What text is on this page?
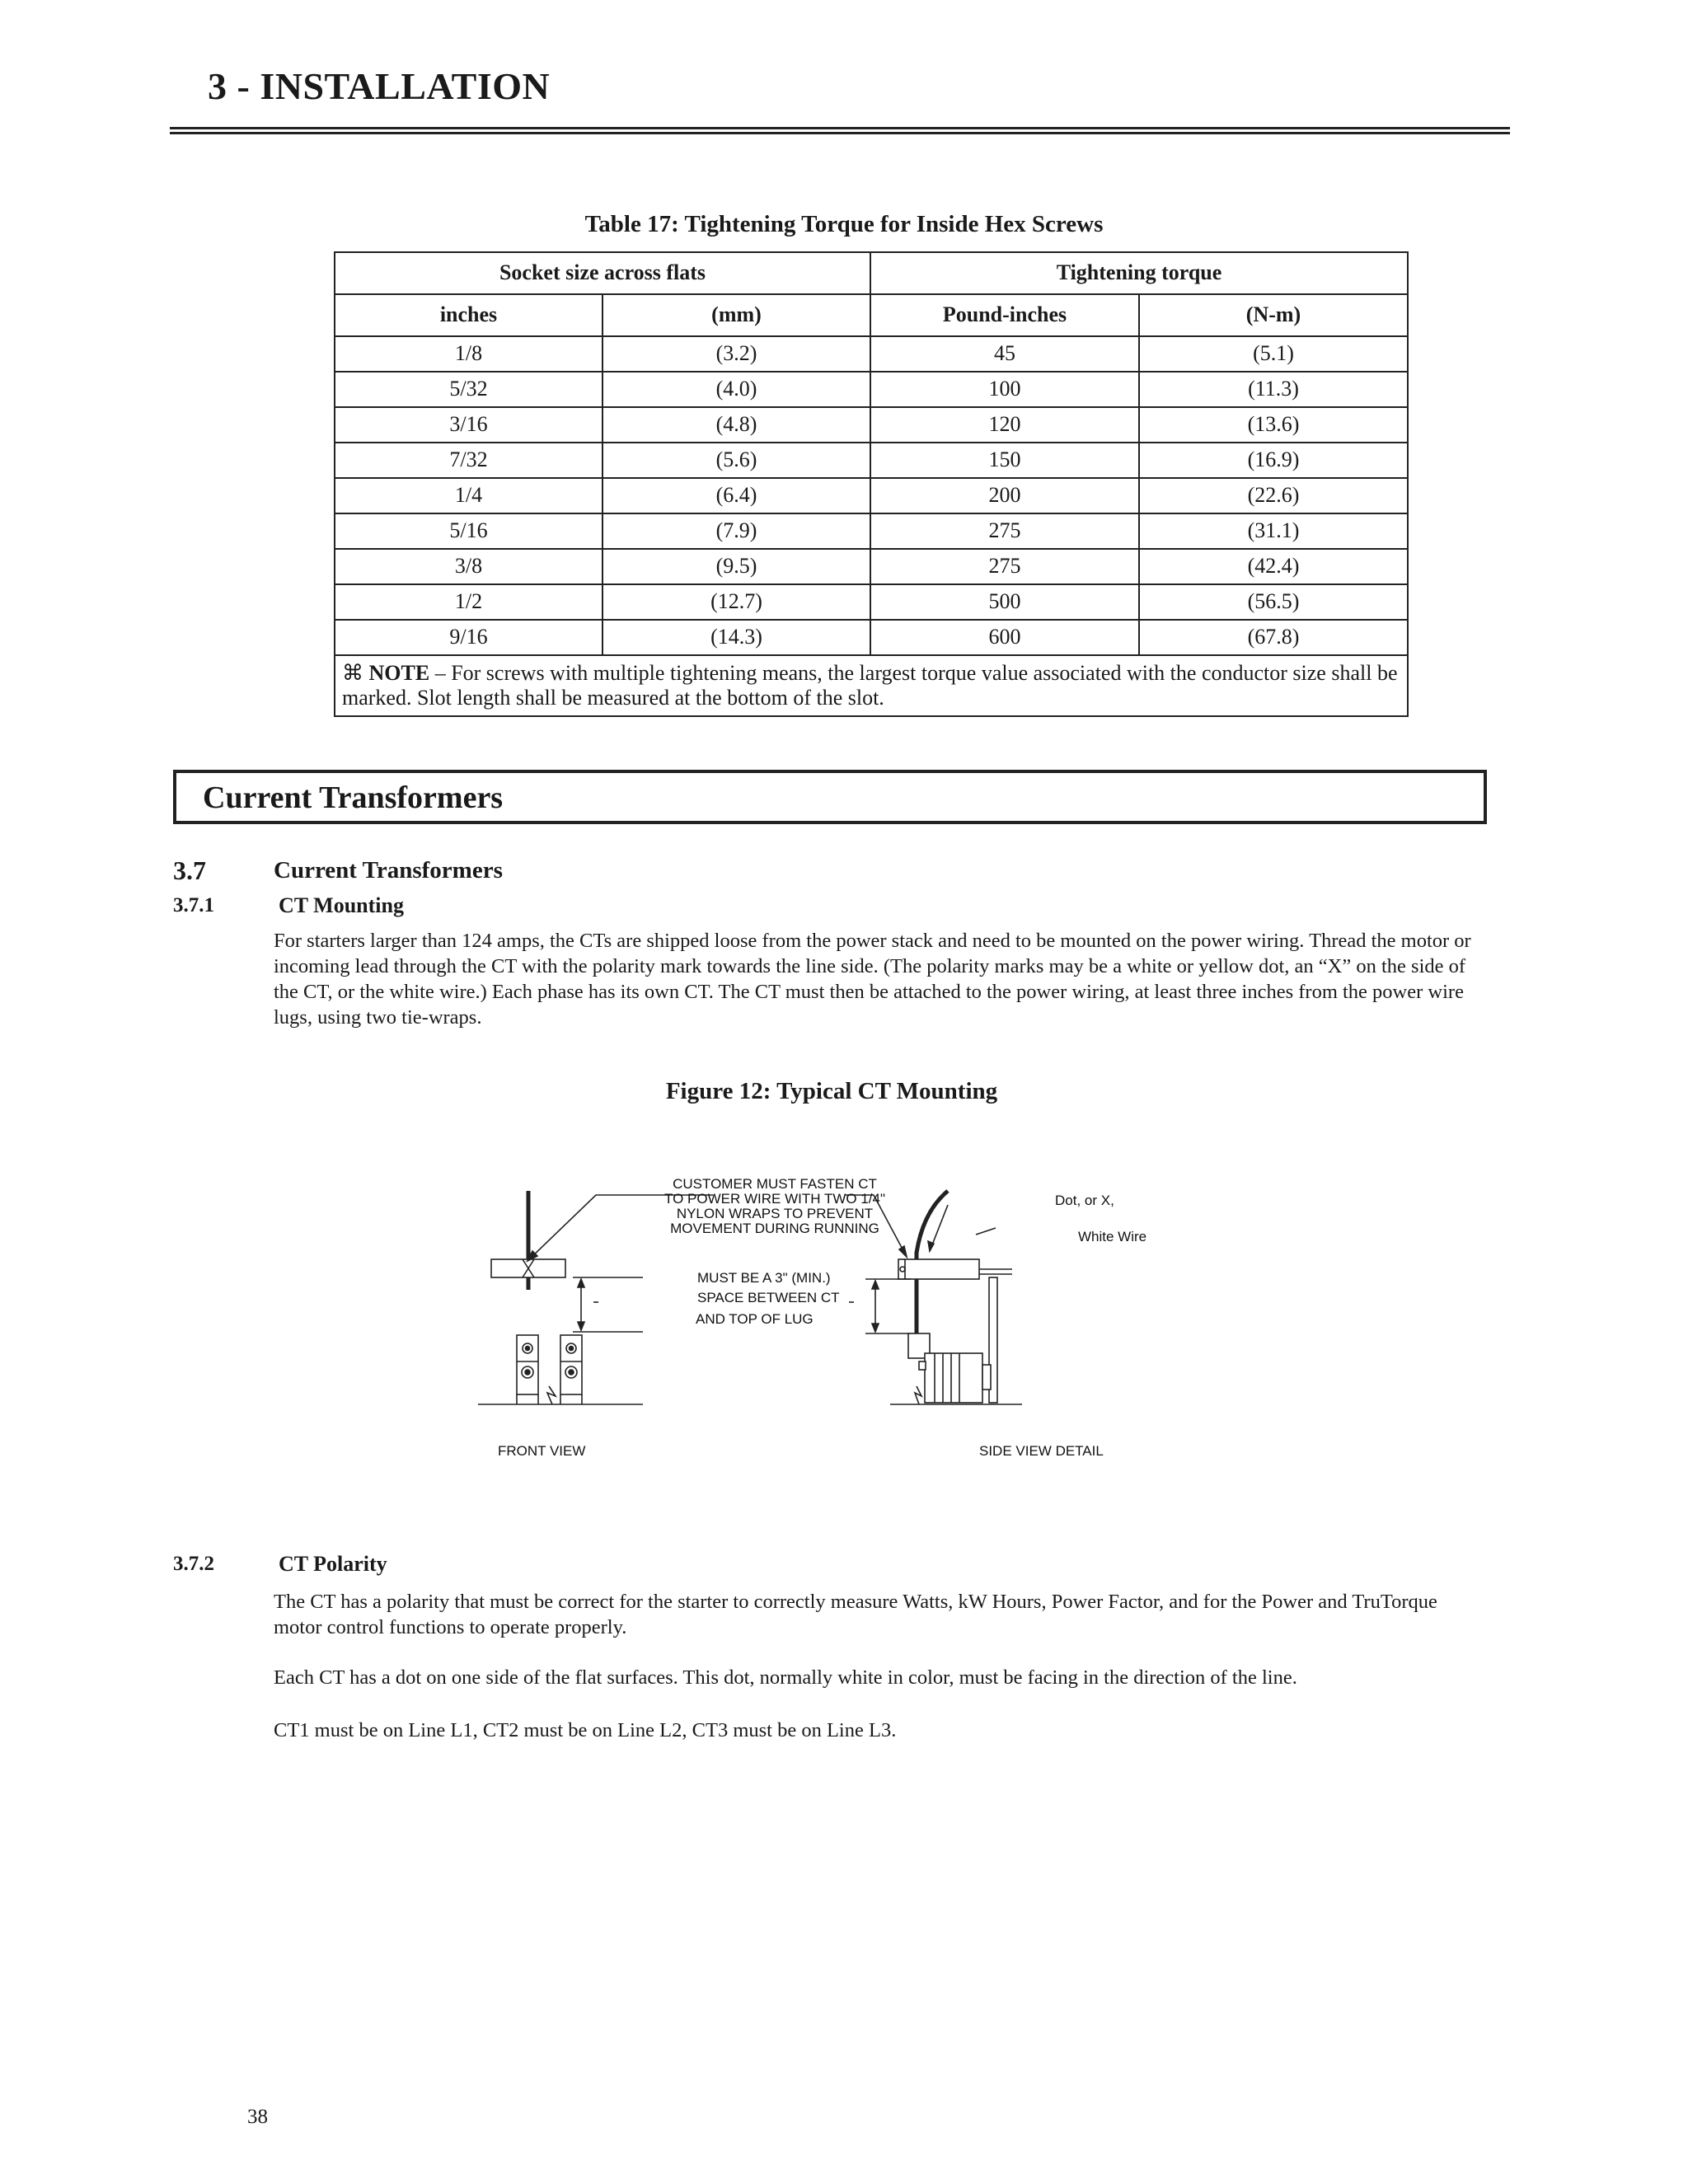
3 - INSTALLATION
Table 17: Tightening Torque for Inside Hex Screws
Socket size across flats		Tightening torque	
inches	(mm)	Pound-inches	(N-m)
1/8	(3.2)	45	(5.1)
5/32	(4.0)	100	(11.3)
3/16	(4.8)	120	(13.6)
7/32	(5.6)	150	(16.9)
1/4	(6.4)	200	(22.6)
5/16	(7.9)	275	(31.1)
3/8	(9.5)	275	(42.4)
1/2	(12.7)	500	(56.5)
9/16	(14.3)	600	(67.8)
⌘ NOTE – For screws with multiple tightening means, the largest torque value associated with the conductor size shall be marked. Slot length shall be measured at the bottom of the slot.			
Current Transformers
3.7	Current Transformers
3.7.1	CT Mounting
For starters larger than 124 amps, the CTs are shipped loose from the power stack and need to be mounted on the power wiring. Thread the motor or incoming lead through the CT with the polarity mark towards the line side. (The polarity marks may be a white or yellow dot, an “X” on the side of the CT, or the white wire.) Each phase has its own CT. The CT must then be attached to the power wiring, at least three inches from the power wire lugs, using two tie-wraps.
Figure 12: Typical CT Mounting
CUSTOMER MUST FASTEN CT
TO POWER WIRE WITH TWO 1/4"
NYLON WRAPS TO PREVENT
MOVEMENT DURING RUNNING
MUST BE A 3" (MIN.)
SPACE BETWEEN CT
AND TOP OF LUG
Dot, or X,
White Wire
FRONT VIEW	SIDE VIEW DETAIL
3.7.2	CT Polarity
The CT has a polarity that must be correct for the starter to correctly measure Watts, kW Hours, Power Factor, and for the Power and TruTorque motor control functions to operate properly.
Each CT has a dot on one side of the flat surfaces. This dot, normally white in color, must be facing in the direction of the line.
CT1 must be on Line L1, CT2 must be on Line L2, CT3 must be on Line L3.
38
